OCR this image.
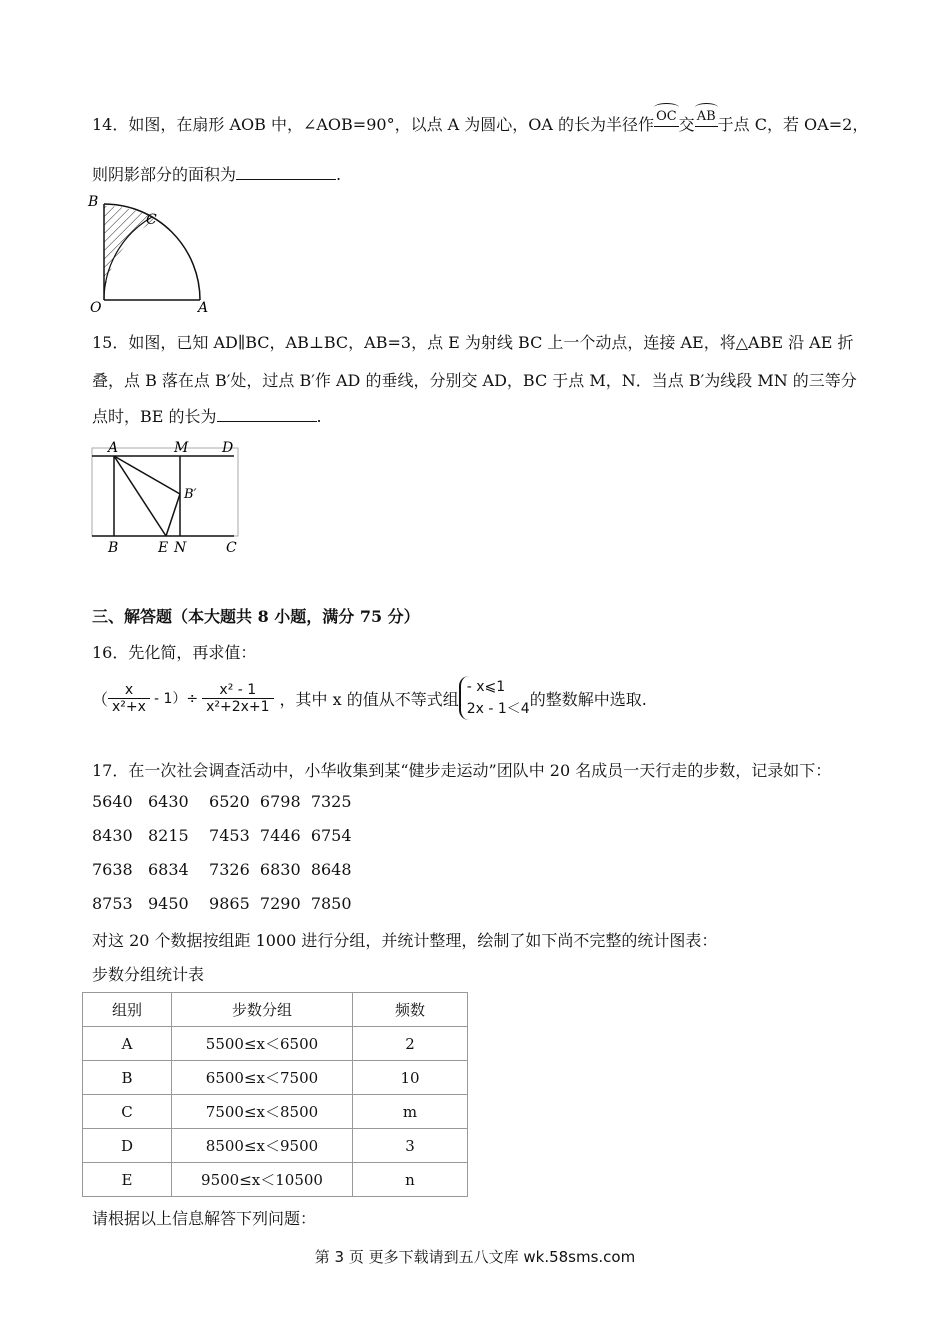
14．如图，在扇形 AOB 中，∠AOB=90°，以点 A 为圆心，OA 的长为半径作 OC 交 AB 于点 C，若 OA=2，
则阴影部分的面积为	.
B
C
O	A
15．如图，已知 AD∥BC，AB⊥BC，AB=3，点 E 为射线 BC 上一个动点，连接 AE，将△ABE 沿 AE 折
叠，点 B 落在点 B′处，过点 B′作 AD 的垂线，分别交 AD，BC 于点 M，N．当点 B′为线段 MN 的三等分
点时，BE 的长为	.
A	M D
B′
B	E N	C
三、解答题（本大题共 8 小题，满分 75 分）
16．先化简，再求值：
（ $\frac{x}{\text{x²+x}} - 1)\div \frac{\text{x² - 1}}{\text{x²+2x+1}}$ ，其中 x 的值从不等式组
- x⩽1
2x - 1＜4
的整数解中选取.
17．在一次社会调查活动中，小华收集到某“健步走运动”团队中 20 名成员一天行走的步数，记录如下：
5640   6430    6520  6798  7325
8430   8215    7453  7446  6754
7638   6834    7326  6830  8648
8753   9450    9865  7290  7850
对这 20 个数据按组距 1000 进行分组，并统计整理，绘制了如下尚不完整的统计图表：
步数分组统计表
组别	步数分组	频数
A	5500≤x＜6500	2
B	6500≤x＜7500	10
C	7500≤x＜8500	m
D	8500≤x＜9500	3
E	9500≤x＜10500	n
请根据以上信息解答下列问题：
第 3 页 更多下载请到五八文库 wk.58sms.com
